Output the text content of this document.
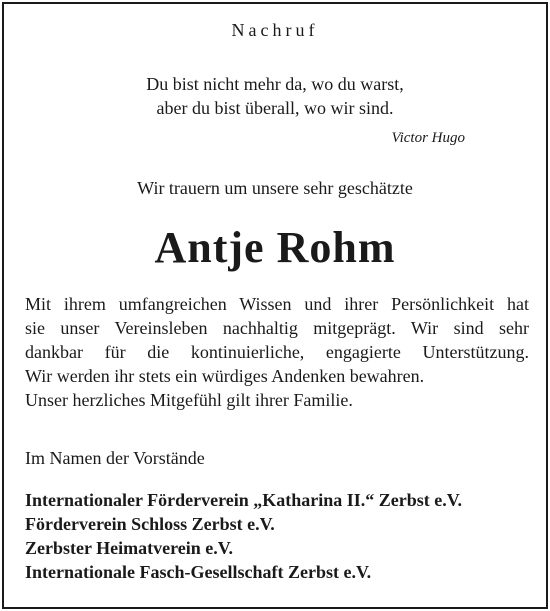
Nachruf
Du bist nicht mehr da, wo du warst,
aber du bist überall, wo wir sind.
Victor Hugo
Wir trauern um unsere sehr geschätzte
Antje Rohm
Mit ihrem umfangreichen Wissen und ihrer Persönlichkeit hat
sie unser Vereinsleben nachhaltig mitgeprägt. Wir sind sehr
dankbar für die kontinuierliche, engagierte Unterstützung.
Wir werden ihr stets ein würdiges Andenken bewahren.
Unser herzliches Mitgefühl gilt ihrer Familie.
Im Namen der Vorstände
Internationaler Förderverein „Katharina II.“ Zerbst e.V.
Förderverein Schloss Zerbst e.V.
Zerbster Heimatverein e.V.
Internationale Fasch-Gesellschaft Zerbst e.V.
